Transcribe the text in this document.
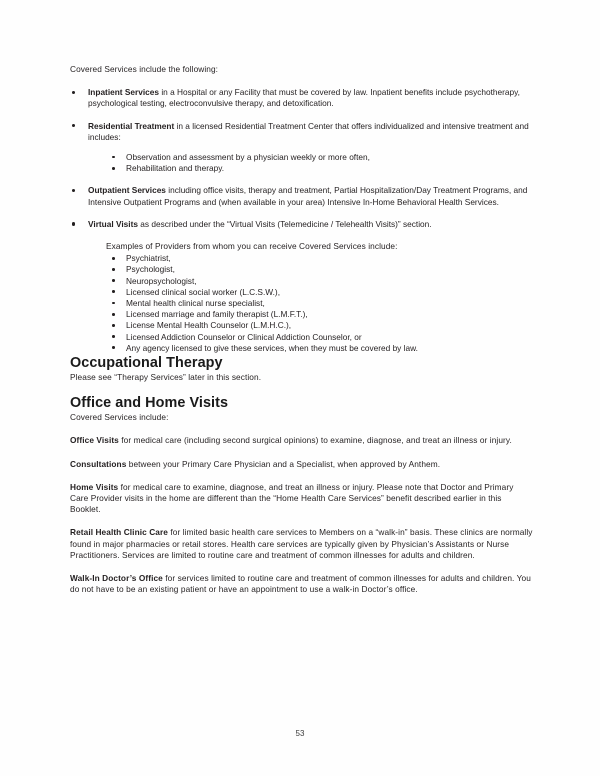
Covered Services include the following:

Inpatient Services in a Hospital or any Facility that must be covered by law. Inpatient benefits include psychotherapy, psychological testing, electroconvulsive therapy, and detoxification.
Residential Treatment in a licensed Residential Treatment Center that offers individualized and intensive treatment and includes:
Observation and assessment by a physician weekly or more often,
Rehabilitation and therapy.
Outpatient Services including office visits, therapy and treatment, Partial Hospitalization/Day Treatment Programs, and Intensive Outpatient Programs and (when available in your area) Intensive In-Home Behavioral Health Services.
Virtual Visits as described under the “Virtual Visits (Telemedicine / Telehealth Visits)” section.

Examples of Providers from whom you can receive Covered Services include:

Psychiatrist,
Psychologist,
Neuropsychologist,
Licensed clinical social worker (L.C.S.W.),
Mental health clinical nurse specialist,
Licensed marriage and family therapist (L.M.F.T.),
License Mental Health Counselor (L.M.H.C.),
Licensed Addiction Counselor or Clinical Addiction Counselor, or
Any agency licensed to give these services, when they must be covered by law.
Occupational Therapy

Please see “Therapy Services” later in this section.

Office and Home Visits

Covered Services include:

Office Visits for medical care (including second surgical opinions) to examine, diagnose, and treat an illness or injury.

Consultations between your Primary Care Physician and a Specialist, when approved by Anthem.

Home Visits for medical care to examine, diagnose, and treat an illness or injury. Please note that Doctor and Primary Care Provider visits in the home are different than the “Home Health Care Services” benefit described earlier in this Booklet.

Retail Health Clinic Care for limited basic health care services to Members on a “walk-in” basis. These clinics are normally found in major pharmacies or retail stores. Health care services are typically given by Physician’s Assistants or Nurse Practitioners. Services are limited to routine care and treatment of common illnesses for adults and children.

Walk-In Doctor’s Office for services limited to routine care and treatment of common illnesses for adults and children. You do not have to be an existing patient or have an appointment to use a walk-in Doctor’s office.

53
